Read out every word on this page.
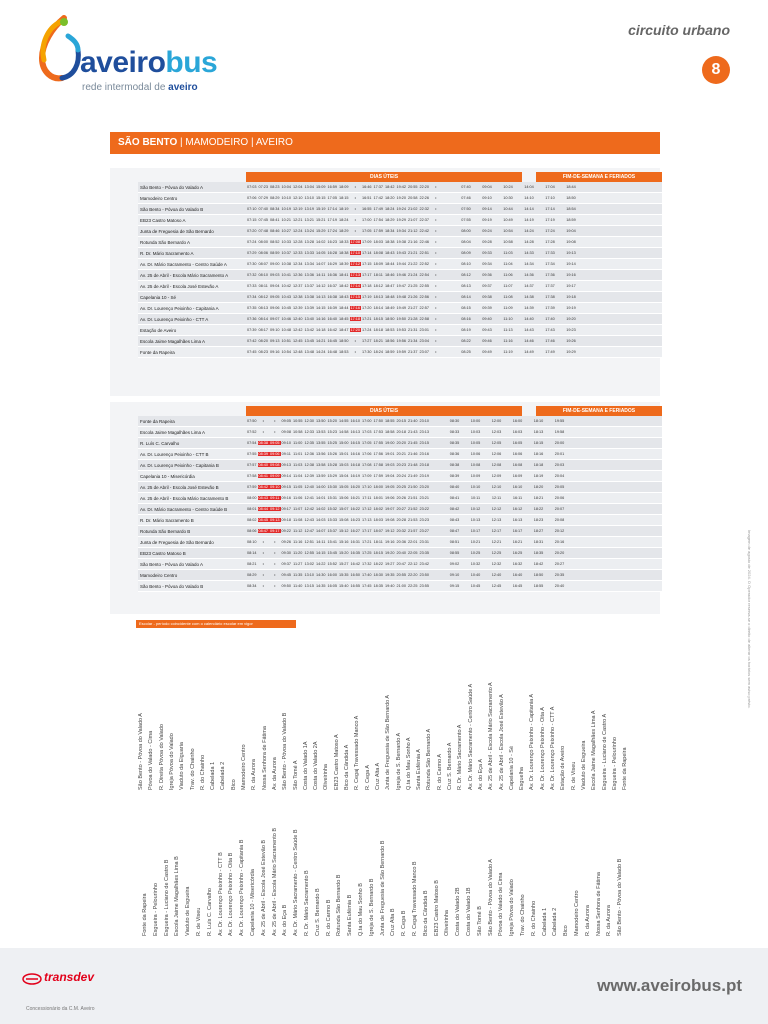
aveirobus
rede intermodal de aveiro
circuito urbano
8
SÃO BENTO | MAMODEIRO | AVEIRO
DIAS ÚTEIS	FIM-DE-SEMANA E FERIADOS
São Bento - Póvoa do Valado A	07:03 07:23 08:23 10:04 12:04 13:04 15:09 16:59 18:09	•	16:46 17:37 18:42 19:42 20:55 22:20	•	07:40	09:04	10:24	14:04	17:04	18:44
Mamodeiro Centro	07:06 07:29 08:29 10:10 12:10 13:10 15:15 17:05 18:15	•	16:51 17:42 18:20 19:20 20:58 22:26	•	07:46	09:10	10:30	14:10	17:10	18:50
São Bento - Póvoa do Valado B	07:10 07:40 08:34 10:19 12:19 13:19 15:19 17:14 18:19	•	16:55 17:49 18:24 19:24 21:02 22:32	•	07:50	09:14	10:44	14:14	17:14	18:54
EB23 Castro Matoso A	07:15 07:45 08:41 10:21 12:21 13:21 15:21 17:19 18:24	•	17:00 17:54 18:29 19:29 21:07 22:37	•	07:55	09:19	10:49	14:19	17:19	18:59
Junta de Freguesia de São Bernardo	07:20 07:48 08:46 10:27 12:24 13:24 15:29 17:24 18:29	•	17:05 17:59 18:34 19:34 21:12 22:42	•	08:00	09:24	10:54	14:24	17:24	19:04
Rotunda São Bernardo A	07:24 08:00 08:52 10:33 12:28 13:28 14:02 16:23 18:33 17:08 17:09 18:03 18:38 19:38 21:16 22:46	•	08:04	09:28	10:58	14:28	17:28	19:08
R. Dr. Mário Sacramento A	07:29 08:06 08:59 10:37 12:33 13:33 14:05 16:28 18:38 17:10 17:14 18:08 18:43 19:43 21:21 22:51	•	08:09	09:33	11:03	14:33	17:33	19:13
Av. Dr. Mário Sacramento - Centro Saúde A	07:30 08:07 09:00 10:38 12:34 13:34 14:07 16:29 18:39 17:12 17:15 18:09 18:44 19:44 21:22 22:52	•	08:10	09:34	11:04	14:34	17:34	19:14
Av. 25 de Abril - Escola Mário Sacramento A	07:32 08:10 09:03 10:41 12:36 13:36 14:11 16:36 18:41 17:13 17:17 18:11 18:46 19:46 21:24 22:54	•	08:12	09:36	11:06	14:36	17:36	19:16
Av. 25 de Abril - Escola José Estevão A	07:33 08:11 09:04 10:42 12:37 13:37 14:12 16:37 18:42 17:14 17:18 18:12 18:47 19:47 21:25 22:55	•	08:13	09:37	11:07	14:37	17:37	19:17
Capelania 10 - Sé	07:34 08:12 09:05 10:43 12:38 13:38 14:13 16:38 18:43 17:15 17:19 18:13 18:48 19:48 21:26 22:56	•	08:14	09:38	11:08	14:38	17:38	19:18
Av. Dr. Lourenço Peixinho - Capitania A	07:35 08:13 09:06 10:45 12:39 13:39 14:15 16:39 18:44 17:16 17:20 18:14 18:49 19:49 21:27 22:57	•	08:15	09:39	11:09	14:39	17:39	19:19
Av. Dr. Lourenço Peixinho - CTT A	07:36 08:14 09:07 10:46 12:40 13:40 14:16 16:40 18:45 17:18 17:21 18:15 18:50 19:50 21:28 22:58	•	08:16	09:40	11:10	14:40	17:40	19:20
Estação de Aveiro	07:39 08:17 09:10 10:48 12:42 13:42 14:18 16:42 18:47 17:20 17:24 18:18 18:53 19:53 21:31 23:01	•	08:19	09:43	11:13	14:43	17:43	19:23
Escola Jaime Magalhães Lima A	07:42 08:20 09:13 10:51 12:45 13:45 14:21 16:45 18:50	•	17:27 18:21 18:56 19:56 21:34 23:04	•	08:22	09:46	11:16	14:46	17:46	19:26
Fonte da Rapeira	07:45 08:23 09:16 10:54 12:48 13:48 14:24 16:48 18:53	•	17:30 18:24 18:59 19:59 21:37 23:07	•	08:25	09:49	11:19	14:49	17:49	19:29
DIAS ÚTEIS	FIM-DE-SEMANA E FERIADOS
Fonte da Rapeira	07:50	•	•	09:05 10:55 12:30 13:50 15:20 14:55 16:10 17:00 17:50 18:55 20:15 21:40 23:10	08:30	10:00	12:00	16:00	18:10	19:55
Escola Jaime Magalhães Lima A	07:52	•	•	09:08 10:58 12:33 13:53 15:23 14:58 16:13 17:03 17:53 18:58 20:18 21:43 23:13	08:33	10:03	12:03	16:03	18:13	19:58
R. Luís C. Carvalho	07:54 08:38 09:05 09:10 11:00 12:35 13:55 15:25 15:00 16:15 17:05 17:55 19:00 20:20 21:45 23:15	08:35	10:05	12:05	16:05	18:15	20:00
Av. Dr. Lourenço Peixinho - CTT B	07:55 08:39 09:06 09:11 11:01 12:36 13:56 15:26 15:01 16:16 17:06 17:56 19:01 20:21 21:46 23:16	08:36	10:06	12:06	16:06	18:16	20:01
Av. Dr. Lourenço Peixinho - Capitania B	07:57 08:40 09:08 09:13 11:03 12:38 13:58 15:28 15:03 16:18 17:08 17:58 19:03 20:23 21:48 23:18	08:38	10:08	12:08	16:08	18:18	20:03
Capelania 10 - Misericórdia	07:58 08:41 09:09 09:14 11:04 12:39 13:59 15:29 15:04 16:19 17:09 17:59 19:04 20:24 21:49 23:19	08:39	10:09	12:09	16:09	18:19	20:04
Av. 25 de Abril - Escola José Estevão B	07:59 08:42 09:10 09:15 11:05 12:40 14:00 15:30 15:05 16:20 17:10 18:00 19:05 20:25 21:50 23:20	08:40	10:10	12:10	16:10	18:20	20:05
Av. 25 de Abril - Escola Mário Sacramento B	08:00 08:43 09:11 09:16 11:06 12:41 14:01 15:31 15:06 16:21 17:11 18:01 19:06 20:26 21:51 23:21	08:41	10:11	12:11	16:11	18:21	20:06
Av. Dr. Mário Sacramento - Centro Saúde B	08:01 08:44 09:12 09:17 11:07 12:42 14:02 15:32 15:07 16:22 17:12 18:02 19:07 20:27 21:52 23:22	08:42	10:12	12:12	16:12	18:22	20:07
R. Dr. Mário Sacramento B	08:02 08:45 09:13 09:18 11:08 12:43 14:03 15:33 15:08 16:23 17:13 18:03 19:08 20:28 21:53 23:23	08:43	10:13	12:13	16:13	18:23	20:08
Rotunda São Bernardo B	08:06 08:47 09:17 09:22 11:12 12:47 14:07 15:37 15:12 16:27 17:17 18:07 19:12 20:32 21:57 23:27	08:47	10:17	12:17	16:17	18:27	20:12
Junta de Freguesia de São Bernardo	08:10	•	•	09:26 11:16 12:51 14:11 15:41 15:16 16:31 17:21 18:11 19:16 20:36 22:01 23:31	08:51	10:21	12:21	16:21	18:31	20:16
EB23 Castro Matoso B	08:14	•	•	09:30 11:20 12:55 14:15 15:45 15:20 16:35 17:25 18:15 19:20 20:40 22:05 23:35	08:55	10:25	12:25	16:25	18:35	20:20
São Bento - Póvoa do Valado A	08:21	•	•	09:37 11:27 13:02 14:22 15:52 15:27 16:42 17:32 18:22 19:27 20:47 22:12 23:42	09:02	10:32	12:32	16:32	18:42	20:27
Mamodeiro Centro	08:29	•	•	09:45 11:35 13:10 14:30 16:00 15:35 16:50 17:40 18:30 19:35 20:55 22:20 23:50	09:10	10:40	12:40	16:40	18:50	20:35
São Bento - Póvoa do Valado B	08:34	•	•	09:50 11:40 13:15 14:35 16:05 15:40 16:55 17:45 18:35 19:40 21:00 22:25 23:55	09:15	10:45	12:45	16:45	18:55	20:40
Escolar - período coincidente com o calendário escolar em vigor
São Bento - Póvoa do Valado A Póvoa do Valado - Cima R. Direita Póvoa do Valado Igreja Póvoa do Valado Viaduto da Eiguaria Trav. do Chainho R. do Chainho Cabelada 1 Cabelada 2 Bico Mamodeiro Centro R. da Aurora Nossa Senhora de Fátima Av. da Aurora São Bento - Póvoa do Valado B São Tomé A Costa do Valado 1A Costa do Valado 2A Oliveirinha EB23 Castro Matoso A Bico da Cândida A R. Cegaj Travessado Manco A R. Cega A Cruz Alta A Junta de Freguesia de São Bernardo A Igreja de S. Bernardo A Q.ta do Mau Sonho A Santa Eufémia A Rotunda São Bernardo A R. do Carmo A Cruz S. Bernardo A R. Dr. Mário Sacramento A Av. Dr. Mário Sacramento - Centro Saúde A Av. do Eça A Av. 25 de Abril - Escola Mário Sacramento A Av. 25 de Abril - Escola José Estevão A Capelania 10 - Sé Esguelha Av. Dr. Lourenço Peixinho - Capitania A Av. Dr. Lourenço Peixinho - Oita A Av. Dr. Lourenço Peixinho - CTT A Estação de Aveiro R. de Viseu Viaduto de Esgueira Escola Jaime Magalhães Lima A Esgueira - Luciano de Castro A Esgueira - Pelourinho Fonte da Rapeira
Fonte da Rapeira Esgueira - Pelourinho Esgueira - Luciano de Castro B Escola Jaime Magalhães Lima B Viaduto de Esgueira R. de Viseu R. Luís C. Carvalho Av. Dr. Lourenço Peixinho - CTT B Av. Dr. Lourenço Peixinho - Oita B Av. Dr. Lourenço Peixinho - Capitania B Capelania 10 - Misericórdia Av. 25 de Abril - Escola José Estevão B Av. 25 de Abril - Escola Mário Sacramento B Av. do Eça B Av. Dr. Mário Sacramento - Centro Saúde B R. Dr. Mário Sacramento B Cruz S. Bernardo B R. do Carmo B Rotunda São Bernardo B Santa Eufémia B Q.ta do Mau Sonho B Igreja de S. Bernardo B Junta de Freguesia de São Bernardo B Cruz Alta B R. Cega B R. Cegaj Travessado Manco B Bico da Cândida B EB23 Castro Matoso B Oliveirinha Costa do Valado 2B Costa do Valado 1B São Tomé B São Bento - Póvoa do Valado A Póvoa do Valado de Cima Igreja Póvoa do Valado Trav. do Chainho R. do Chainho Cabelada 1 Cabelada 2 Bico Mamodeiro Centro R. da Aurora Nossa Senhora de Fátima R. da Aurora São Bento - Póvoa do Valado B
Imagem de agosto de 2024. O Operador reserva-se o direito de alterar os horários sem aviso prévio.
transdev
Concessionário da C.M. Aveiro
www.aveirobus.pt
